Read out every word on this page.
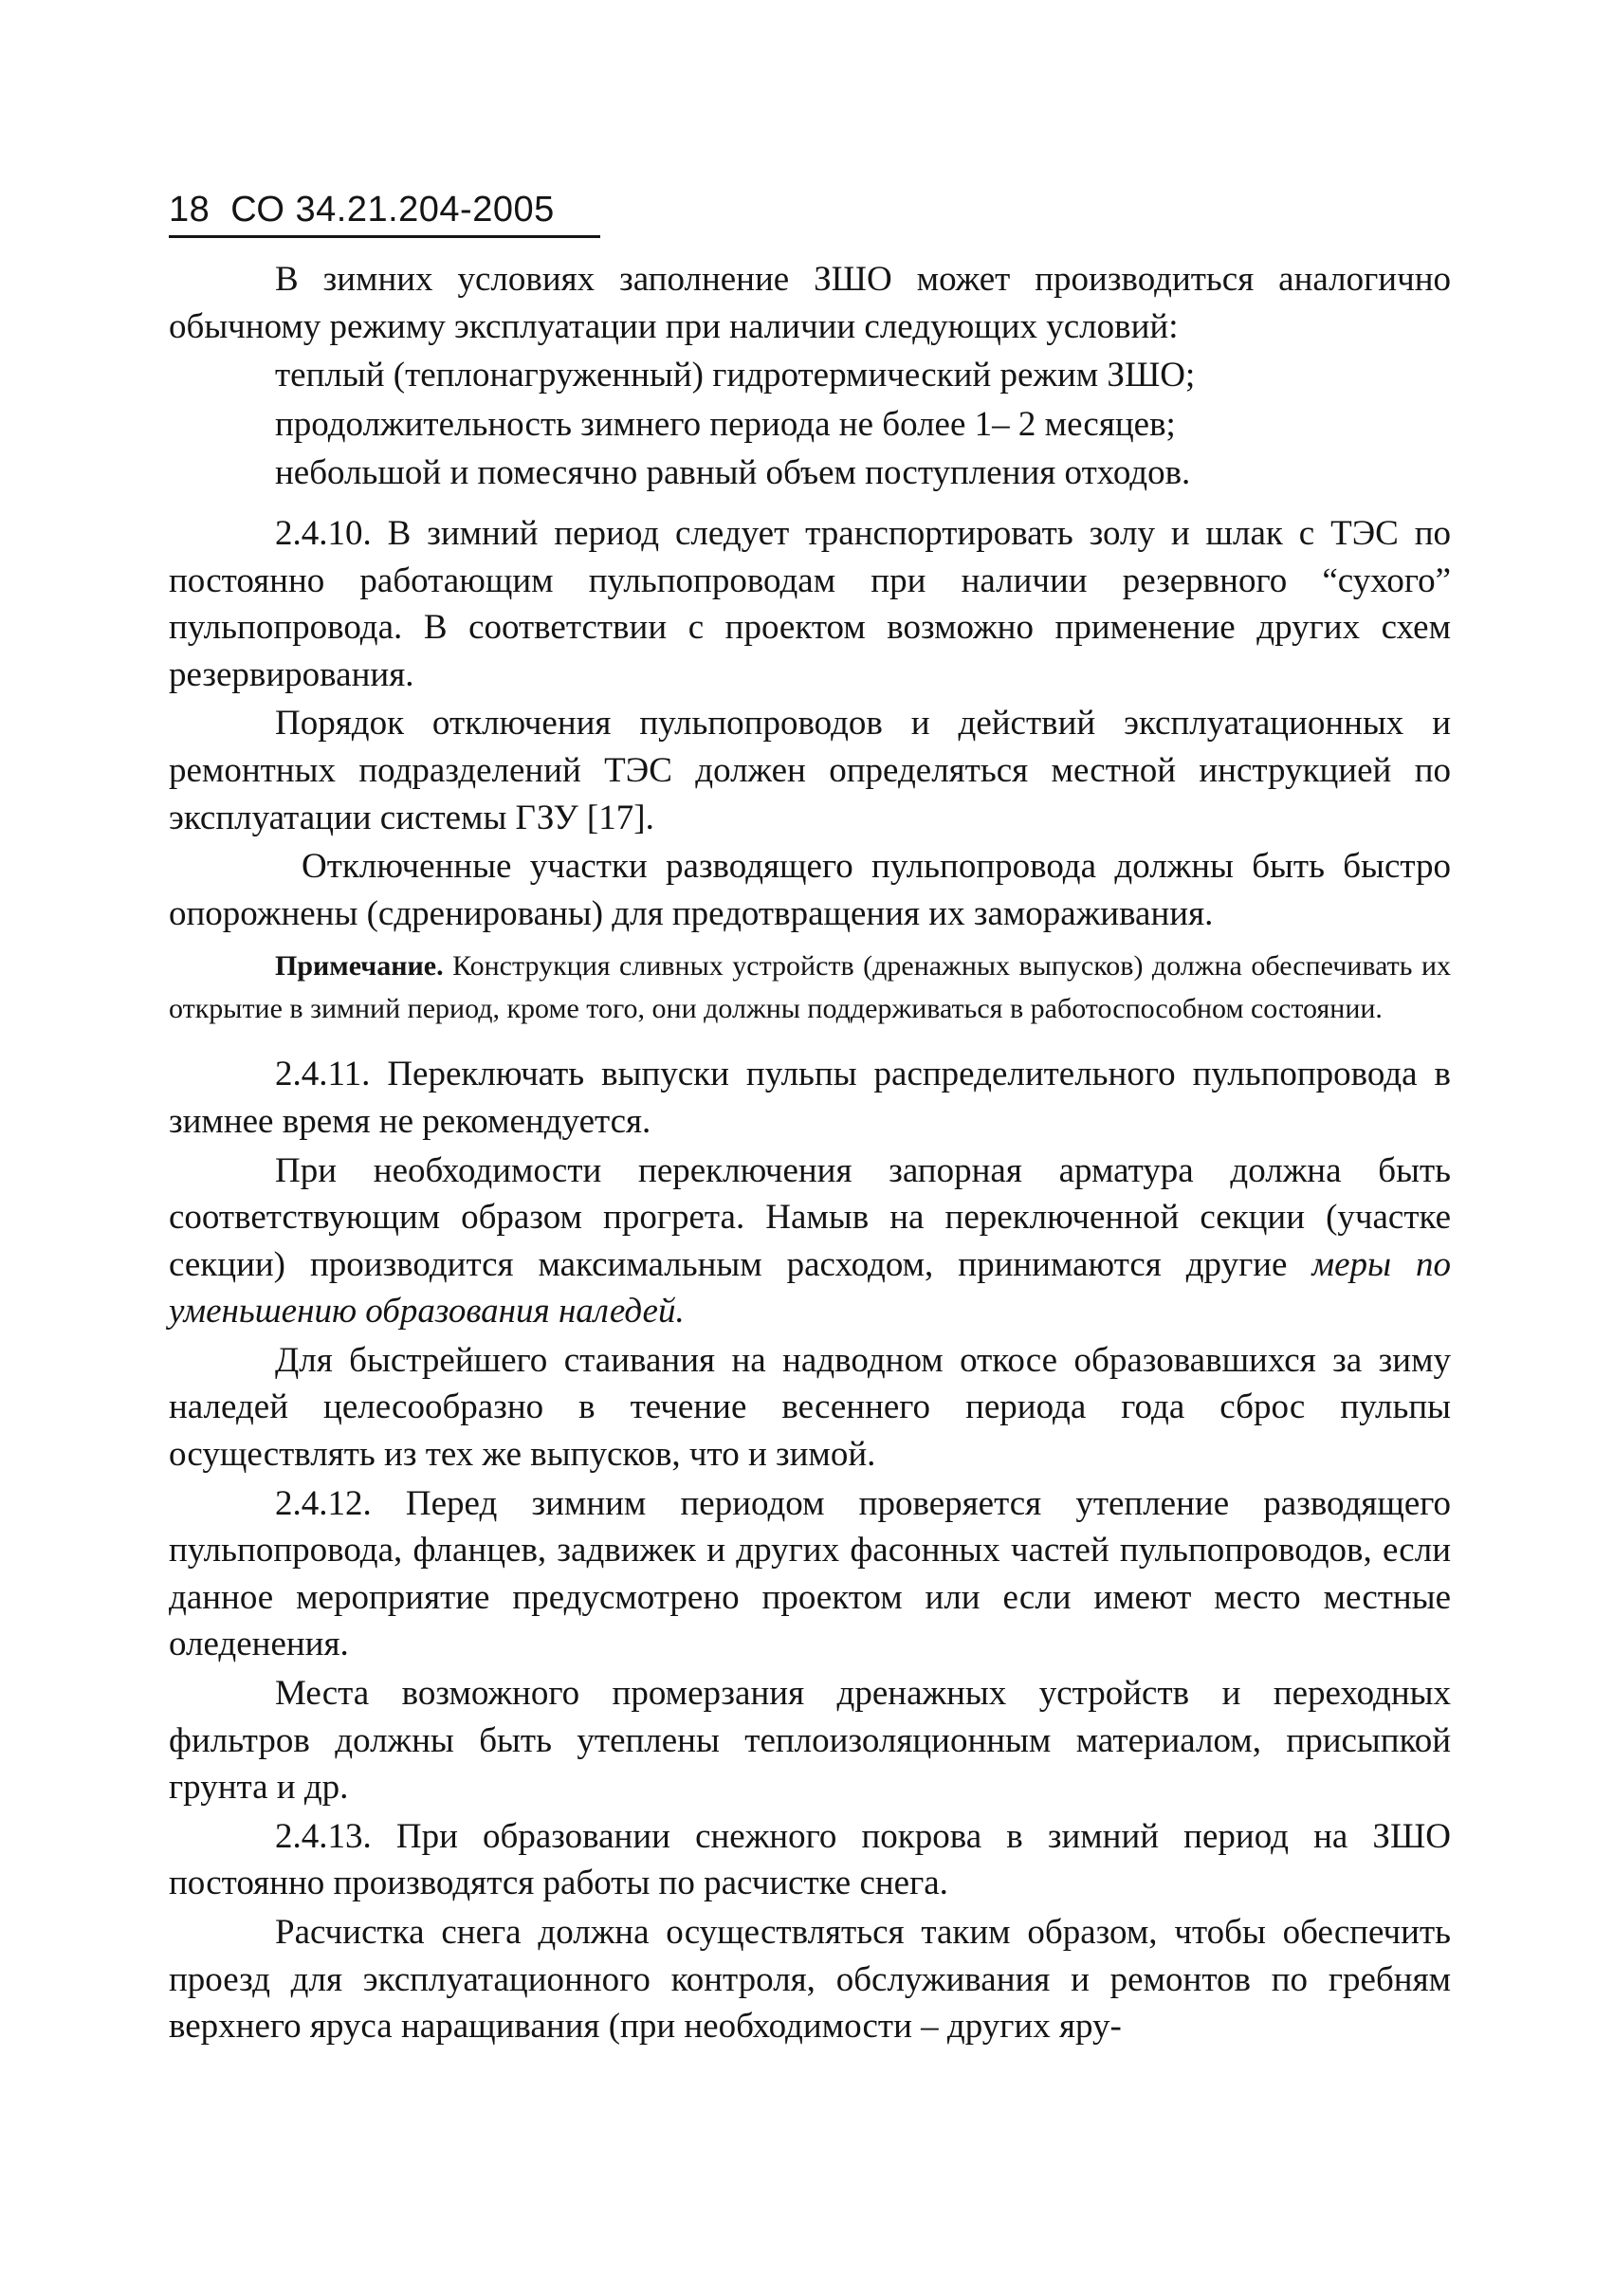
18 СО 34.21.204-2005

В зимних условиях заполнение ЗШО может производиться аналогично обычному режиму эксплуатации при наличии следующих условий:

теплый (теплонагруженный) гидротермический режим ЗШО;

продолжительность зимнего периода не более 1– 2 месяцев;

небольшой и помесячно равный объем поступления отходов.

2.4.10. В зимний период следует транспортировать золу и шлак с ТЭС по постоянно работающим пульпопроводам при наличии резервного “сухого” пульпопровода. В соответствии с проектом возможно применение других схем резервирования.

Порядок отключения пульпопроводов и действий эксплуатационных и ремонтных подразделений ТЭС должен определяться местной инструкцией по эксплуатации системы ГЗУ [17].

Отключенные участки разводящего пульпопровода должны быть быстро опорожнены (сдренированы) для предотвращения их замораживания.

Примечание. Конструкция сливных устройств (дренажных выпусков) должна обеспечивать их открытие в зимний период, кроме того, они должны поддерживаться в работоспособном состоянии.

2.4.11. Переключать выпуски пульпы распределительного пульпопровода в зимнее время не рекомендуется.

При необходимости переключения запорная арматура должна быть соответствующим образом прогрета. Намыв на переключенной секции (участке секции) производится максимальным расходом, принимаются другие меры по уменьшению образования наледей.

Для быстрейшего стаивания на надводном откосе образовавшихся за зиму наледей целесообразно в течение весеннего периода года сброс пульпы осуществлять из тех же выпусков, что и зимой.

2.4.12. Перед зимним периодом проверяется утепление разводящего пульпопровода, фланцев, задвижек и других фасонных частей пульпопроводов, если данное мероприятие предусмотрено проектом или если имеют место местные оледенения.

Места возможного промерзания дренажных устройств и переходных фильтров должны быть утеплены теплоизоляционным материалом, присыпкой грунта и др.

2.4.13. При образовании снежного покрова в зимний период на ЗШО постоянно производятся работы по расчистке снега.

Расчистка снега должна осуществляться таким образом, чтобы обеспечить проезд для эксплуатационного контроля, обслуживания и ремонтов по гребням верхнего яруса наращивания (при необходимости – других яру-
